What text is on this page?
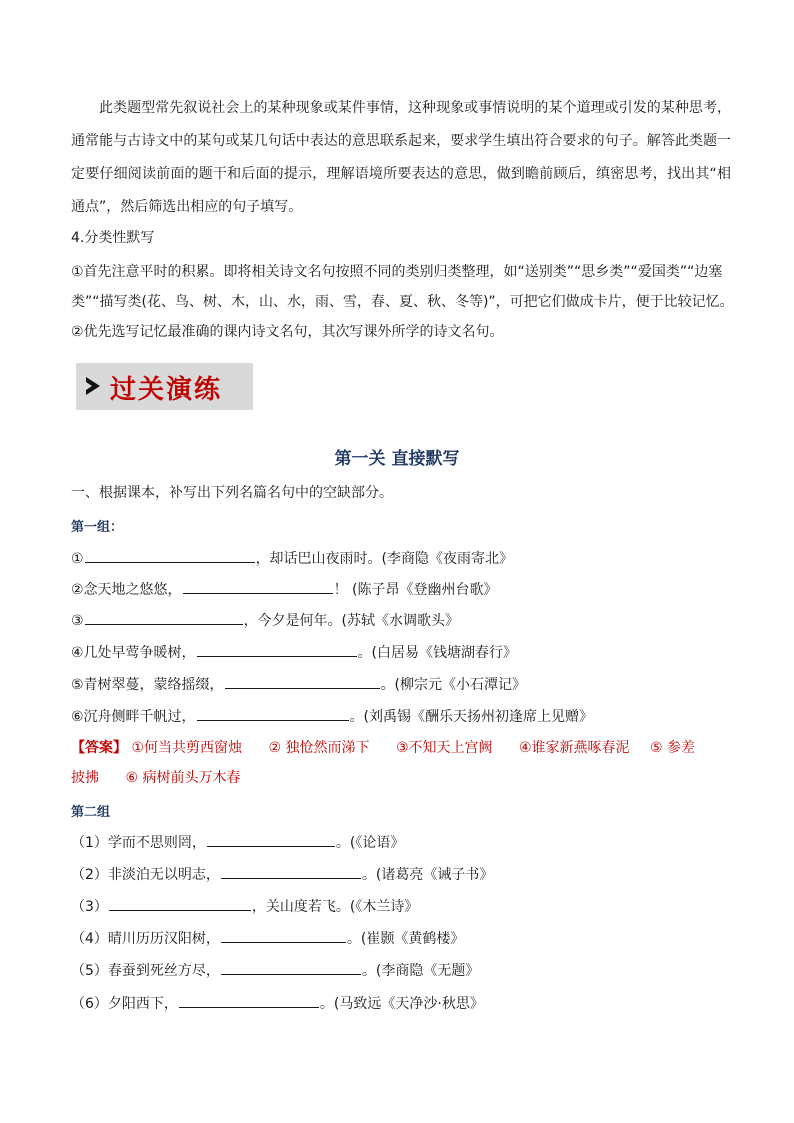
此类题型常先叙说社会上的某种现象或某件事情，这种现象或事情说明的某个道理或引发的某种思考，通常能与古诗文中的某句或某几句话中表达的意思联系起来，要求学生填出符合要求的句子。解答此类题一定要仔细阅读前面的题干和后面的提示，理解语境所要表达的意思，做到瞻前顾后，缜密思考，找出其“相通点”，然后筛选出相应的句子填写。

4.分类性默写
①首先注意平时的积累。即将相关诗文名句按照不同的类别归类整理，如“送别类”“思乡类”“爱国类”“边塞
类”“描写类(花、鸟、树、木，山、水，雨、雪，春、夏、秋、冬等)”，可把它们做成卡片，便于比较记忆。
②优先选写记忆最准确的课内诗文名句，其次写课外所学的诗文名句。
过关演练
第一关 直接默写
一、根据课本，补写出下列名篇名句中的空缺部分。
第一组：
①	，却话巴山夜雨时。(李商隐《夜雨寄北》
②念天地之悠悠，	！ (陈子昂《登幽州台歌》
③	，今夕是何年。(苏轼《水调歌头》
④几处早莺争暖树，	。(白居易《钱塘湖春行》
⑤青树翠蔓，蒙络摇缀，	。(柳宗元《小石潭记》
⑥沉舟侧畔千帆过，	。(刘禹锡《酬乐天扬州初逢席上见赠》
【答案】 ①何当共剪西窗烛 ② 独怆然而涕下 ③不知天上宫阙 ④谁家新燕啄春泥 ⑤ 参差
披拂 ⑥ 病树前头万木春
第二组
（1）学而不思则罔，	。(《论语》
（2）非淡泊无以明志，	。(诸葛亮《诫子书》
（3）	，关山度若飞。(《木兰诗》
（4）晴川历历汉阳树，	。(崔颢《黄鹤楼》
（5）春蚕到死丝方尽，	。(李商隐《无题》
（6）夕阳西下，	。(马致远《天净沙·秋思》
